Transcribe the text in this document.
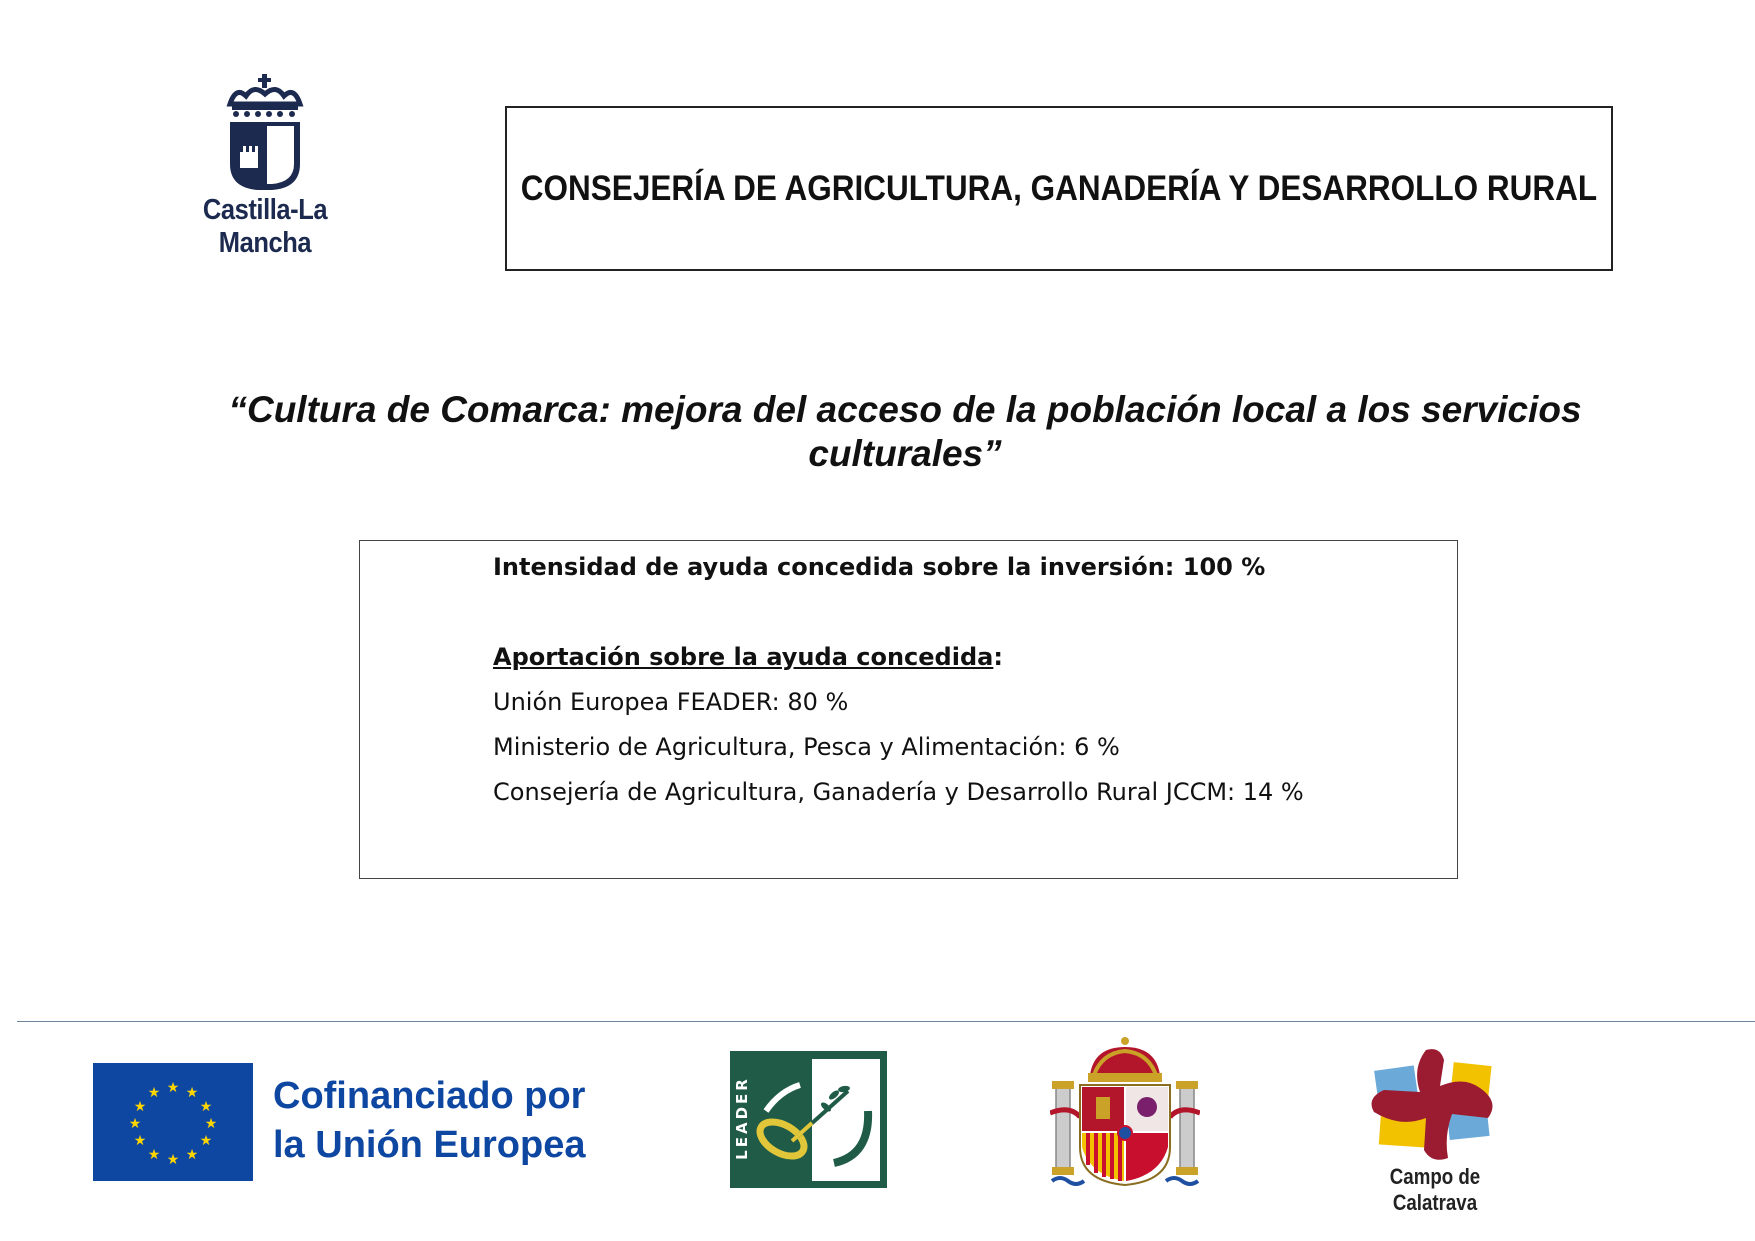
Castilla-La Mancha
CONSEJERÍA DE AGRICULTURA, GANADERÍA Y DESARROLLO RURAL
“Cultura de Comarca: mejora del acceso de la población local a los servicios culturales”
Intensidad de ayuda concedida sobre la inversión: 100 %
Aportación sobre la ayuda concedida:
Unión Europea FEADER: 80 %
Ministerio de Agricultura, Pesca y Alimentación: 6 %
Consejería de Agricultura, Ganadería y Desarrollo Rural JCCM: 14 %
★ ★
★
★
★
★
★
★
★
★
★
★	Cofinanciado por
la Unión Europea	LEADER
Campo de Calatrava
